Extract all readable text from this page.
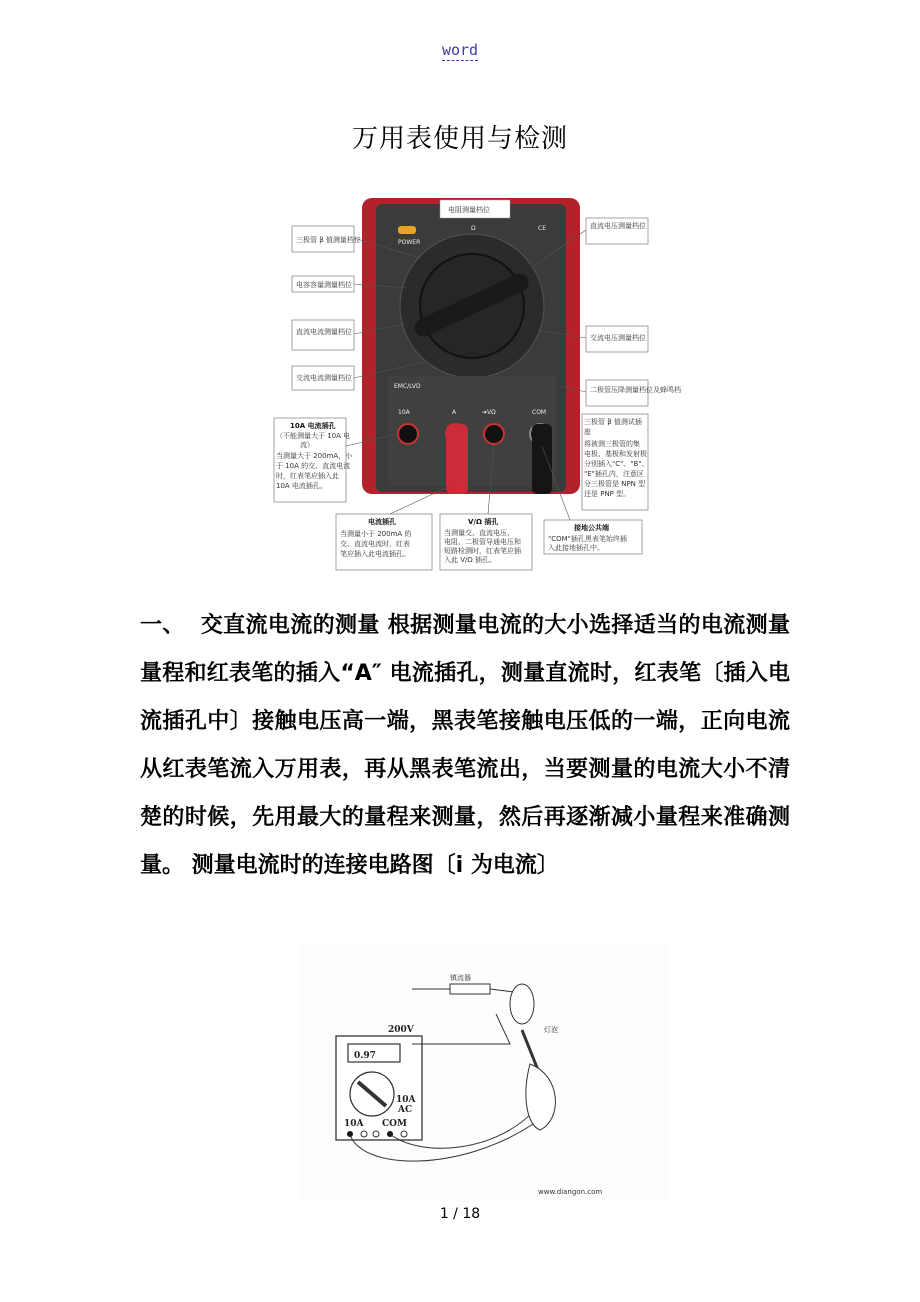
word
万用表使用与检测
电阻测量档位
POWER
CE
Ω
EMC/LVD
10A	A	➔VΩ	COM
三极管 β 值测量档位
电容容量测量档位
直流电流测量档位
交流电流测量档位
直流电压测量档位
交流电压测量档位
二极管压降测量档位及蜂鸣档
10A 电流插孔
（不能测量大于 10A 电
流）
当测量大于 200mA，小
于 10A 的交、直流电流
时，红表笔应插入此
10A 电流插孔。
电流插孔
当测量小于 200mA 的
交、直流电流时，红表
笔应插入此电流插孔。
V/Ω 插孔
当测量交、直流电压、
电阻、二极管导通电压和
短路检测时，红表笔应插
入此 V/Ω 插孔。
接地公共端
"COM"插孔黑表笔始终插
入此接地插孔中。
三极管 β 值测试插
座
将被测三极管的集
电极、基极和发射极
分别插入"C"、"B"、
"E"插孔内，注意区
分三极管是 NPN 型
还是 PNP 型。
一、 交直流电流的测量 根据测量电流的大小选择适当的电流测量量程和红表笔的插入“A″ 电流插孔，测量直流时，红表笔〔插入电流插孔中〕接触电压高一端，黑表笔接触电压低的一端，正向电流从红表笔流入万用表，再从黑表笔流出，当要测量的电流大小不清楚的时候，先用最大的量程来测量，然后再逐渐减小量程来准确测量。 测量电流时的连接电路图〔i 为电流〕
0.97
10A
AC
10A COM
200V
镇流器
灯泡
www.diangon.com
1 / 18
